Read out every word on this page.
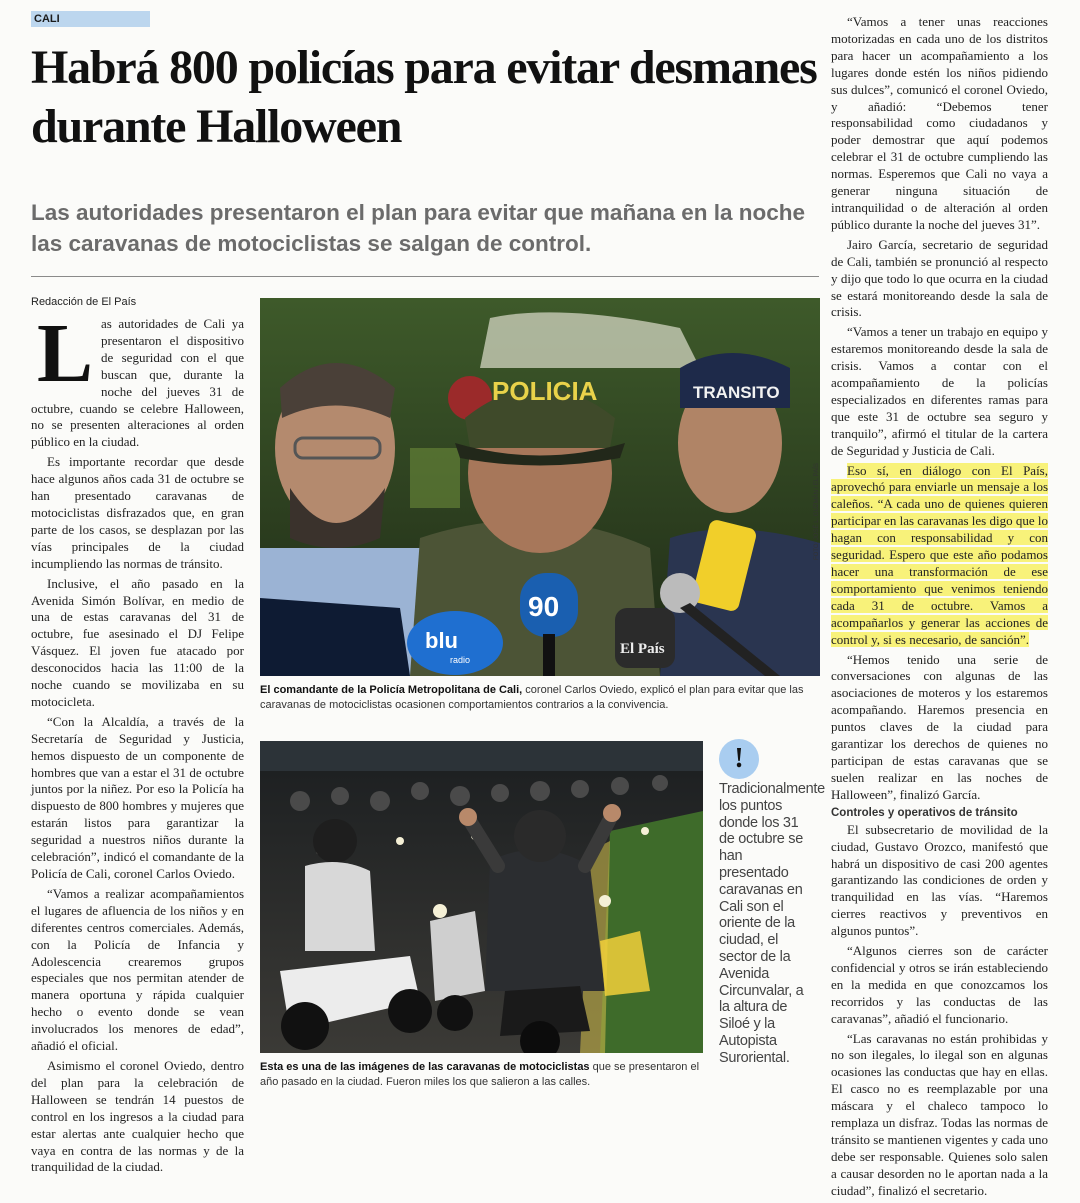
CALI
Habrá 800 policías para evitar desmanes durante Halloween

Las autoridades presentaron el plan para evitar que mañana en la noche las caravanas de motociclistas se salgan de control.

Redacción de El País

Las autoridades de Cali ya presentaron el dispositivo de seguridad con el que buscan que, durante la noche del jueves 31 de octubre, cuando se celebre Halloween, no se presenten alteraciones al orden público en la ciudad.

Es importante recordar que desde hace algunos años cada 31 de octubre se han presentado caravanas de motociclistas disfrazados que, en gran parte de los casos, se desplazan por las vías principales de la ciudad incumpliendo las normas de tránsito.

Inclusive, el año pasado en la Avenida Simón Bolívar, en medio de una de estas caravanas del 31 de octubre, fue asesinado el DJ Felipe Vásquez. El joven fue atacado por desconocidos hacia las 11:00 de la noche cuando se movilizaba en su motocicleta.

“Con la Alcaldía, a través de la Secretaría de Seguridad y Justicia, hemos dispuesto de un componente de hombres que van a estar el 31 de octubre juntos por la niñez. Por eso la Policía ha dispuesto de 800 hombres y mujeres que estarán listos para garantizar la seguridad a nuestros niños durante la celebración”, indicó el comandante de la Policía de Cali, coronel Carlos Oviedo.

“Vamos a realizar acompañamientos el lugares de afluencia de los niños y en diferentes centros comerciales. Además, con la Policía de Infancia y Adolescencia crearemos grupos especiales que nos permitan atender de manera oportuna y rápida cualquier hecho o evento donde se vean involucrados los menores de edad”, añadió el oficial.

Asimismo el coronel Oviedo, dentro del plan para la celebración de Halloween se tendrán 14 puestos de control en los ingresos a la ciudad para estar alertas ante cualquier hecho que vaya en contra de las normas y de la tranquilidad de la ciudad.

POLICIA	TRANSITO
90
blu
radio
El País
FOTO: JOSÉ L. GUZMÁN / EL PAÍS
El comandante de la Policía Metropolitana de Cali, coronel Carlos Oviedo, explicó el plan para evitar que las caravanas de motociclistas ocasionen comportamientos contrarios a la convivencia.
Esta es una de las imágenes de las caravanas de motociclistas que se presentaron el año pasado en la ciudad. Fueron miles los que salieron a las calles.
!
Tradicionalmente los puntos donde los 31 de octubre se han presentado caravanas en Cali son el oriente de la ciudad, el sector de la Avenida Circunvalar, a la altura de Siloé y la Autopista Suroriental.

“Vamos a tener unas reacciones motorizadas en cada uno de los distritos para hacer un acompañamiento a los lugares donde estén los niños pidiendo sus dulces”, comunicó el coronel Oviedo, y añadió: “Debemos tener responsabilidad como ciudadanos y poder demostrar que aquí podemos celebrar el 31 de octubre cumpliendo las normas. Esperemos que Cali no vaya a generar ninguna situación de intranquilidad o de alteración al orden público durante la noche del jueves 31”.

Jairo García, secretario de seguridad de Cali, también se pronunció al respecto y dijo que todo lo que ocurra en la ciudad se estará monitoreando desde la sala de crisis.

“Vamos a tener un trabajo en equipo y estaremos monitoreando desde la sala de crisis. Vamos a contar con el acompañamiento de la policías especializados en diferentes ramas para que este 31 de octubre sea seguro y tranquilo”, afirmó el titular de la cartera de Seguridad y Justicia de Cali.

Eso sí, en diálogo con El País, aprovechó para enviarle un mensaje a los caleños. “A cada uno de quienes quieren participar en las caravanas les digo que lo hagan con responsabilidad y con seguridad. Espero que este año podamos hacer una transformación de ese comportamiento que venimos teniendo cada 31 de octubre. Vamos a acompañarlos y generar las acciones de control y, si es necesario, de sanción”.

“Hemos tenido una serie de conversaciones con algunas de las asociaciones de moteros y los estaremos acompañando. Haremos presencia en puntos claves de la ciudad para garantizar los derechos de quienes no participan de estas caravanas que se suelen realizar en las noches de Halloween”, finalizó García.

Controles y operativos de tránsito

El subsecretario de movilidad de la ciudad, Gustavo Orozco, manifestó que habrá un dispositivo de casi 200 agentes garantizando las condiciones de orden y tranquilidad en las vías. “Haremos cierres reactivos y preventivos en algunos puntos”.

“Algunos cierres son de carácter confidencial y otros se irán estableciendo en la medida en que conozcamos los recorridos y las conductas de las caravanas”, añadió el funcionario.

“Las caravanas no están prohibidas y no son ilegales, lo ilegal son en algunas ocasiones las conductas que hay en ellas. El casco no es reemplazable por una máscara y el chaleco tampoco lo remplaza un disfraz. Todas las normas de tránsito se mantienen vigentes y cada uno debe ser responsable. Quienes solo salen a causar desorden no le aportan nada a la ciudad”, finalizó el secretario.
